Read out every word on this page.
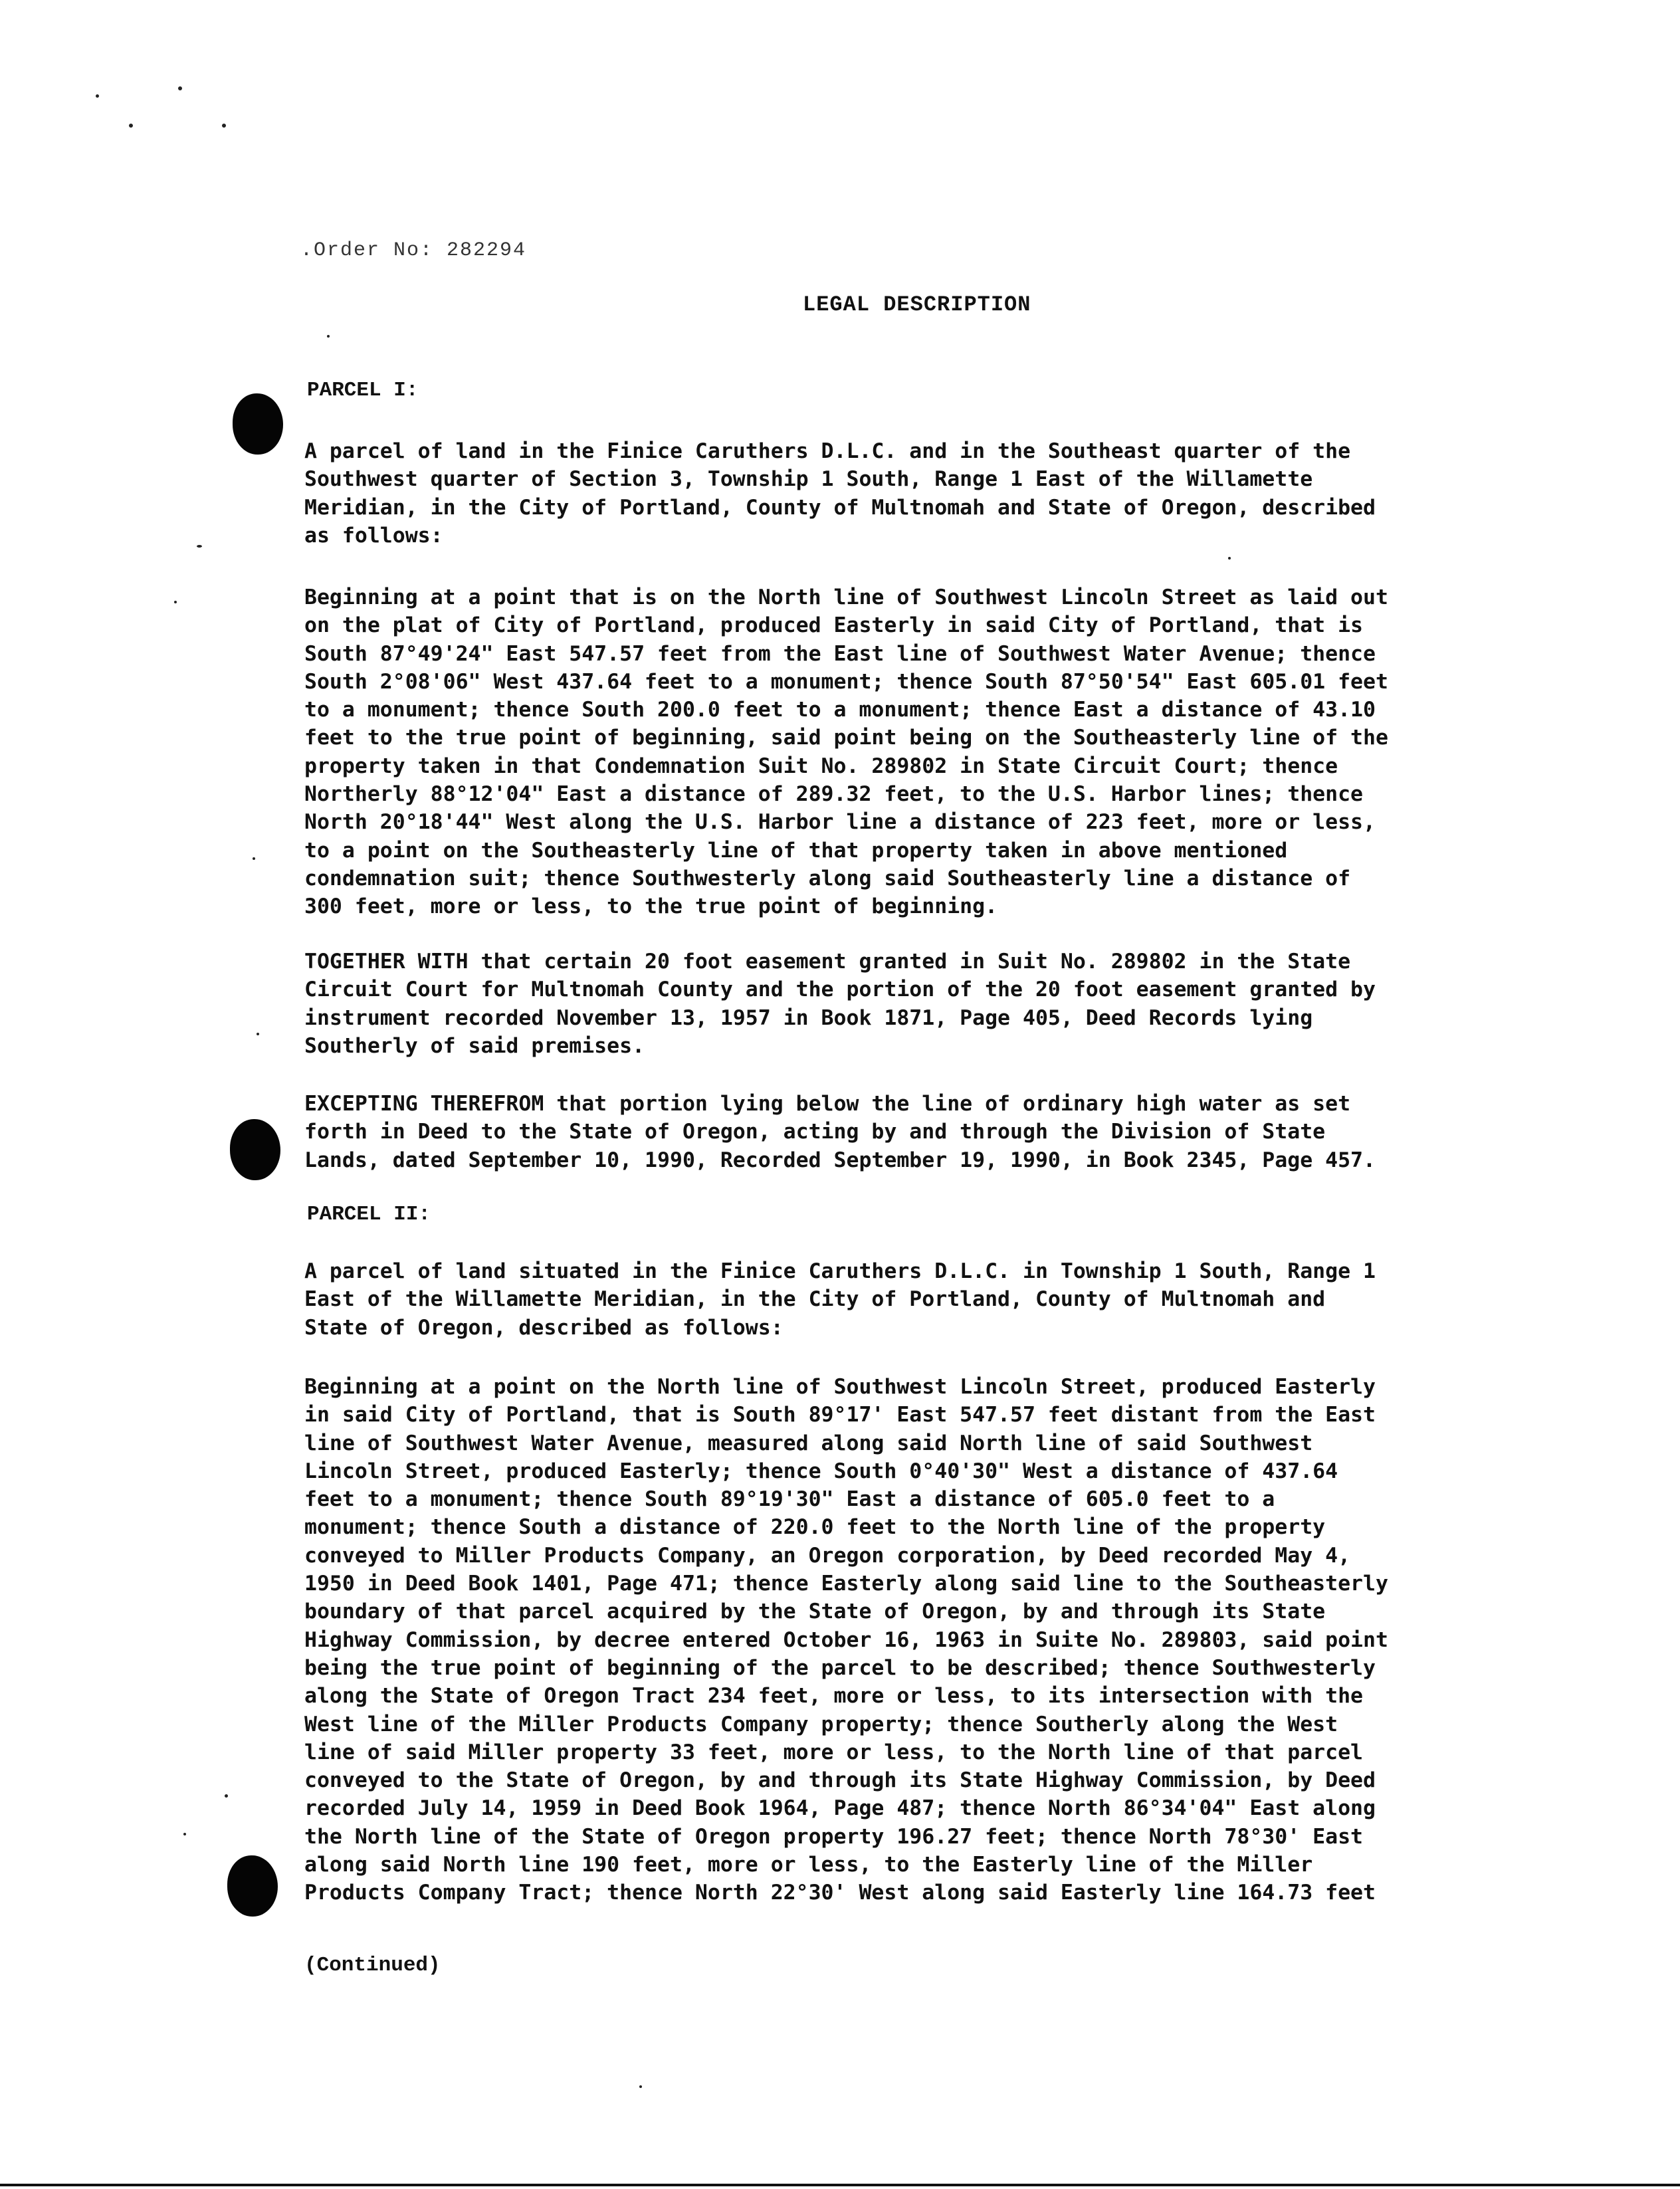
.Order No: 282294
LEGAL DESCRIPTION
PARCEL I:
A parcel of land in the Finice Caruthers D.L.C. and in the Southeast quarter of the
Southwest quarter of Section 3, Township 1 South, Range 1 East of the Willamette
Meridian, in the City of Portland, County of Multnomah and State of Oregon, described
as follows:
Beginning at a point that is on the North line of Southwest Lincoln Street as laid out
on the plat of City of Portland, produced Easterly in said City of Portland, that is
South 87°49'24" East 547.57 feet from the East line of Southwest Water Avenue; thence
South 2°08'06" West 437.64 feet to a monument; thence South 87°50'54" East 605.01 feet
to a monument; thence South 200.0 feet to a monument; thence East a distance of 43.10
feet to the true point of beginning, said point being on the Southeasterly line of the
property taken in that Condemnation Suit No. 289802 in State Circuit Court; thence
Northerly 88°12'04" East a distance of 289.32 feet, to the U.S. Harbor lines; thence
North 20°18'44" West along the U.S. Harbor line a distance of 223 feet, more or less,
to a point on the Southeasterly line of that property taken in above mentioned
condemnation suit; thence Southwesterly along said Southeasterly line a distance of
300 feet, more or less, to the true point of beginning.
TOGETHER WITH that certain 20 foot easement granted in Suit No. 289802 in the State
Circuit Court for Multnomah County and the portion of the 20 foot easement granted by
instrument recorded November 13, 1957 in Book 1871, Page 405, Deed Records lying
Southerly of said premises.
EXCEPTING THEREFROM that portion lying below the line of ordinary high water as set
forth in Deed to the State of Oregon, acting by and through the Division of State
Lands, dated September 10, 1990, Recorded September 19, 1990, in Book 2345, Page 457.
PARCEL II:
A parcel of land situated in the Finice Caruthers D.L.C. in Township 1 South, Range 1
East of the Willamette Meridian, in the City of Portland, County of Multnomah and
State of Oregon, described as follows:
Beginning at a point on the North line of Southwest Lincoln Street, produced Easterly
in said City of Portland, that is South 89°17' East 547.57 feet distant from the East
line of Southwest Water Avenue, measured along said North line of said Southwest
Lincoln Street, produced Easterly; thence South 0°40'30" West a distance of 437.64
feet to a monument; thence South 89°19'30" East a distance of 605.0 feet to a
monument; thence South a distance of 220.0 feet to the North line of the property
conveyed to Miller Products Company, an Oregon corporation, by Deed recorded May 4,
1950 in Deed Book 1401, Page 471; thence Easterly along said line to the Southeasterly
boundary of that parcel acquired by the State of Oregon, by and through its State
Highway Commission, by decree entered October 16, 1963 in Suite No. 289803, said point
being the true point of beginning of the parcel to be described; thence Southwesterly
along the State of Oregon Tract 234 feet, more or less, to its intersection with the
West line of the Miller Products Company property; thence Southerly along the West
line of said Miller property 33 feet, more or less, to the North line of that parcel
conveyed to the State of Oregon, by and through its State Highway Commission, by Deed
recorded July 14, 1959 in Deed Book 1964, Page 487; thence North 86°34'04" East along
the North line of the State of Oregon property 196.27 feet; thence North 78°30' East
along said North line 190 feet, more or less, to the Easterly line of the Miller
Products Company Tract; thence North 22°30' West along said Easterly line 164.73 feet
(Continued)
